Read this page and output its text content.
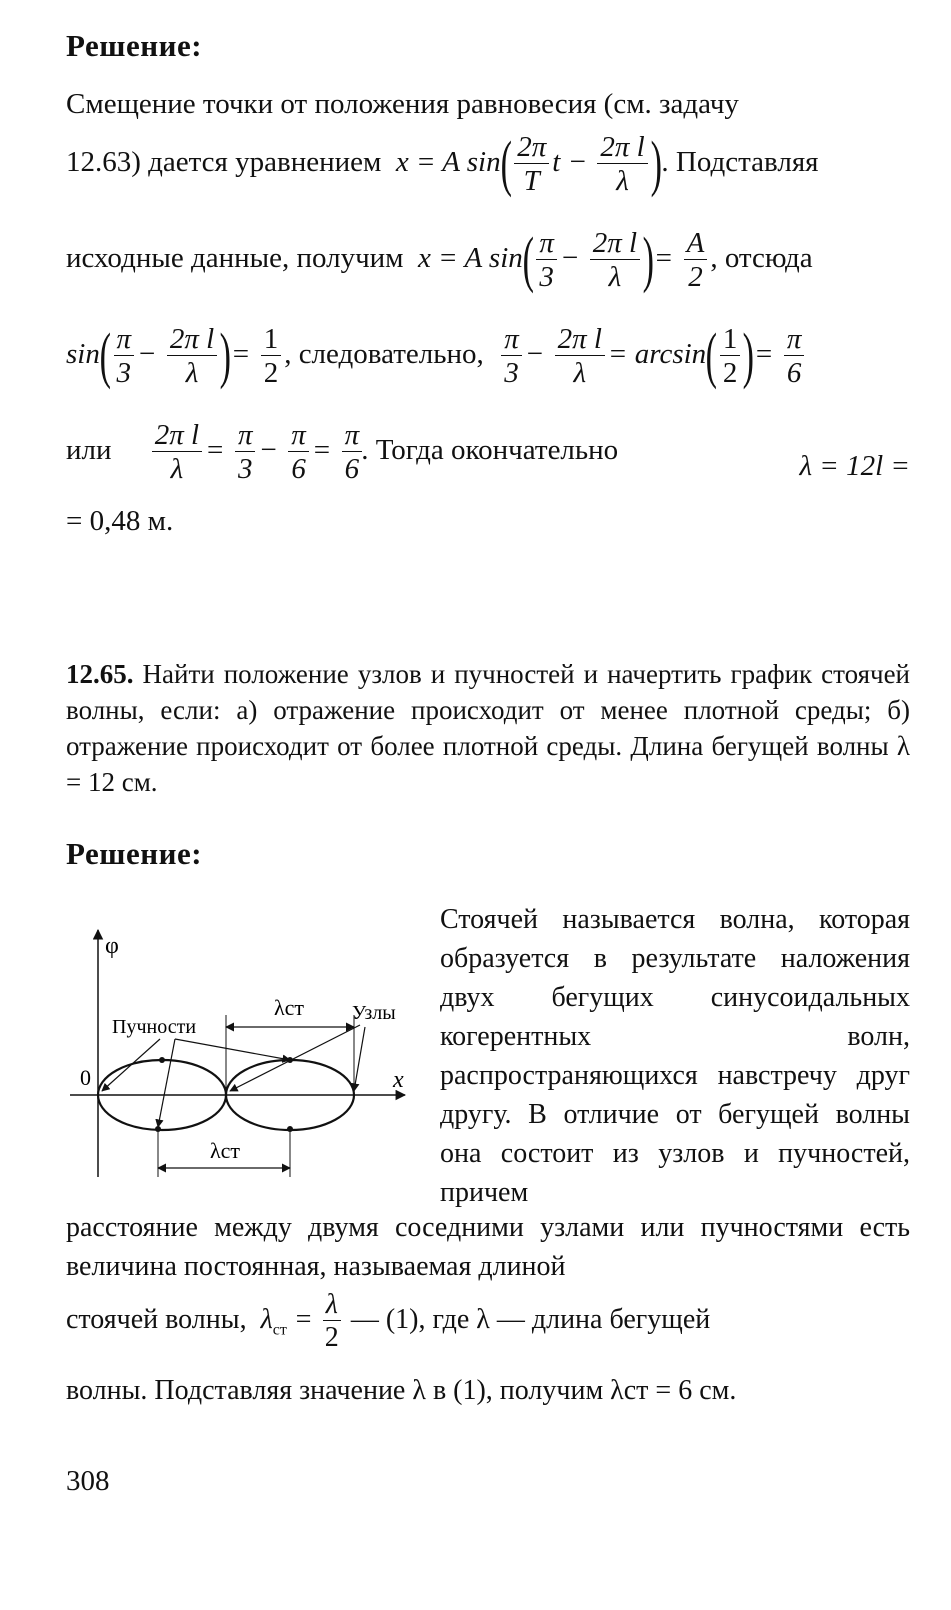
Решение:
Смещение точки от положения равновесия (см. задачу
12.63) дается уравнением  x = A $\sin( \frac{2\pi}{T}$ $t - \frac{\text{2π l}}{\lambda}$ ). Подставляя
исходные данные, получим  x = A $\sin( \frac{\pi}{3} - \frac{\text{2π l}}{\lambda}$ )= $\frac{A}{2}$ , отсюда
$\sin( \frac{\pi}{3} - \frac{\text{2π l}}{\lambda}$ )= $\frac{1}{2}$ , следовательно, $\frac{\pi}{3} - \frac{\text{2π l}}{\lambda} = \arcsin( \frac{1}{2}$ )= $\frac{\pi}{6}$
или $\frac{\text{2π l}}{\lambda} = \frac{\pi}{3} - \frac{\pi}{6} = \frac{\pi}{6}$ . Тогда окончательно	λ = 12l =
= 0,48 м.
12.65. Найти положение узлов и пучностей и начертить график стоячей волны, если: а) отражение происходит от менее плотной среды; б) отражение происходит от более плотной среды. Длина бегущей волны λ = 12 см.
Решение:
φ
x
0
Пучности
Узлы
λст
λст
Стоячей называется волна, которая образуется в результате наложения двух бегущих синусоидальных когерентных волн, распространяющихся навстречу друг другу. В отличие от бегущей волны она состоит из узлов и пучностей, причем
расстояние между двумя соседними узлами или пучностями есть величина постоянная, называемая длиной
стоячей волны,  $\lambda_{ст} = \frac{\lambda}{2}$ — (1), где λ — длина бегущей
волны. Подставляя значение λ в (1), получим λст = 6 см.
308
